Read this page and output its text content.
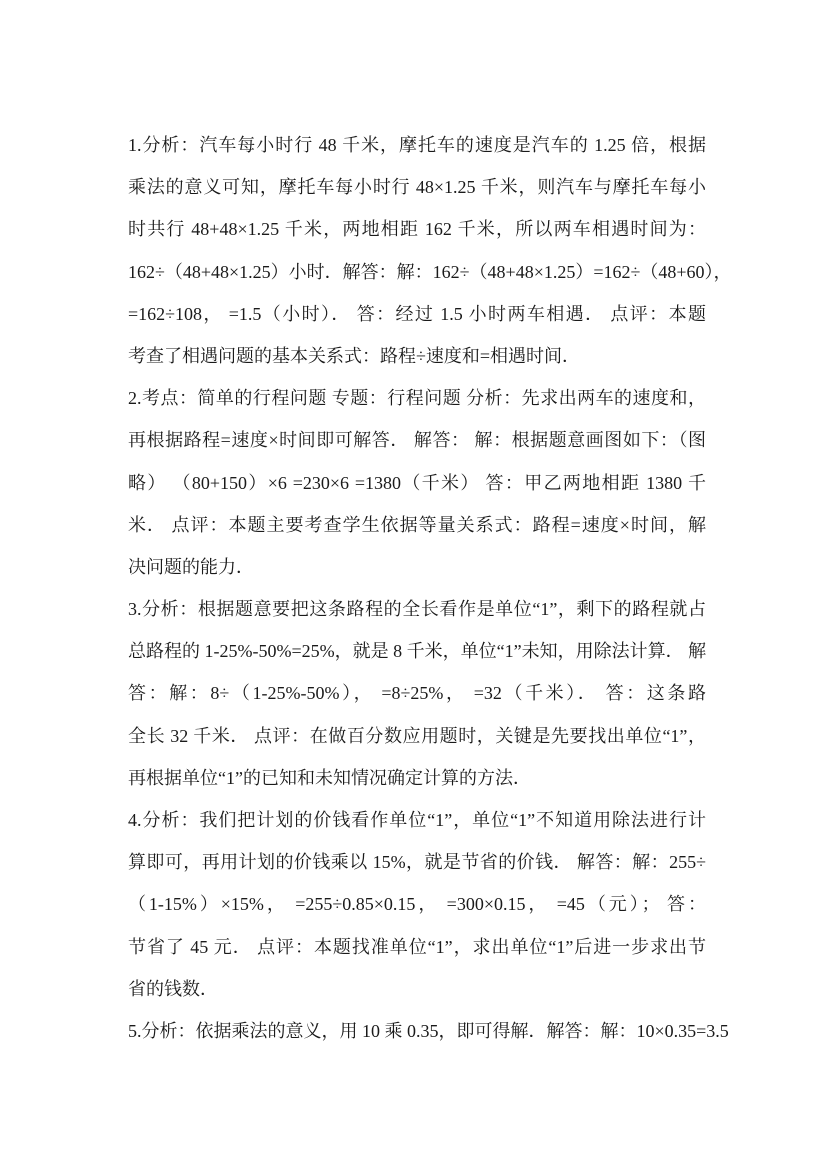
1.分析：汽车每小时行 48 千米，摩托车的速度是汽车的 1.25 倍，根据
乘法的意义可知，摩托车每小时行 48×1.25 千米，则汽车与摩托车每小
时共行 48+48×1.25 千米，两地相距 162 千米，所以两车相遇时间为：
162÷（48+48×1.25）小时．解答：解：162÷（48+48×1.25）=162÷（48+60），
=162÷108， =1.5（小时）． 答：经过 1.5 小时两车相遇． 点评：本题
考查了相遇问题的基本关系式：路程÷速度和=相遇时间．
2.考点：简单的行程问题 专题：行程问题 分析：先求出两车的速度和，
再根据路程=速度×时间即可解答． 解答： 解：根据题意画图如下：（图
略） （80+150）×6 =230×6 =1380（千米） 答：甲乙两地相距 1380 千
米． 点评：本题主要考查学生依据等量关系式：路程=速度×时间，解
决问题的能力．
3.分析：根据题意要把这条路程的全长看作是单位“1”，剩下的路程就占
总路程的 1-25%-50%=25%，就是 8 千米，单位“1”未知，用除法计算． 解
答：解：8÷（1-25%-50%）， =8÷25%， =32（千米）． 答：这条路
全长 32 千米． 点评：在做百分数应用题时，关键是先要找出单位“1”，
再根据单位“1”的已知和未知情况确定计算的方法．
4.分析：我们把计划的价钱看作单位“1”，单位“1”不知道用除法进行计
算即可，再用计划的价钱乘以 15%，就是节省的价钱． 解答：解：255÷
（1-15%）×15%， =255÷0.85×0.15， =300×0.15， =45（元）； 答：
节省了 45 元． 点评：本题找准单位“1”，求出单位“1”后进一步求出节
省的钱数．
5.分析：依据乘法的意义，用 10 乘 0.35，即可得解．解答：解：10×0.35=3.5
